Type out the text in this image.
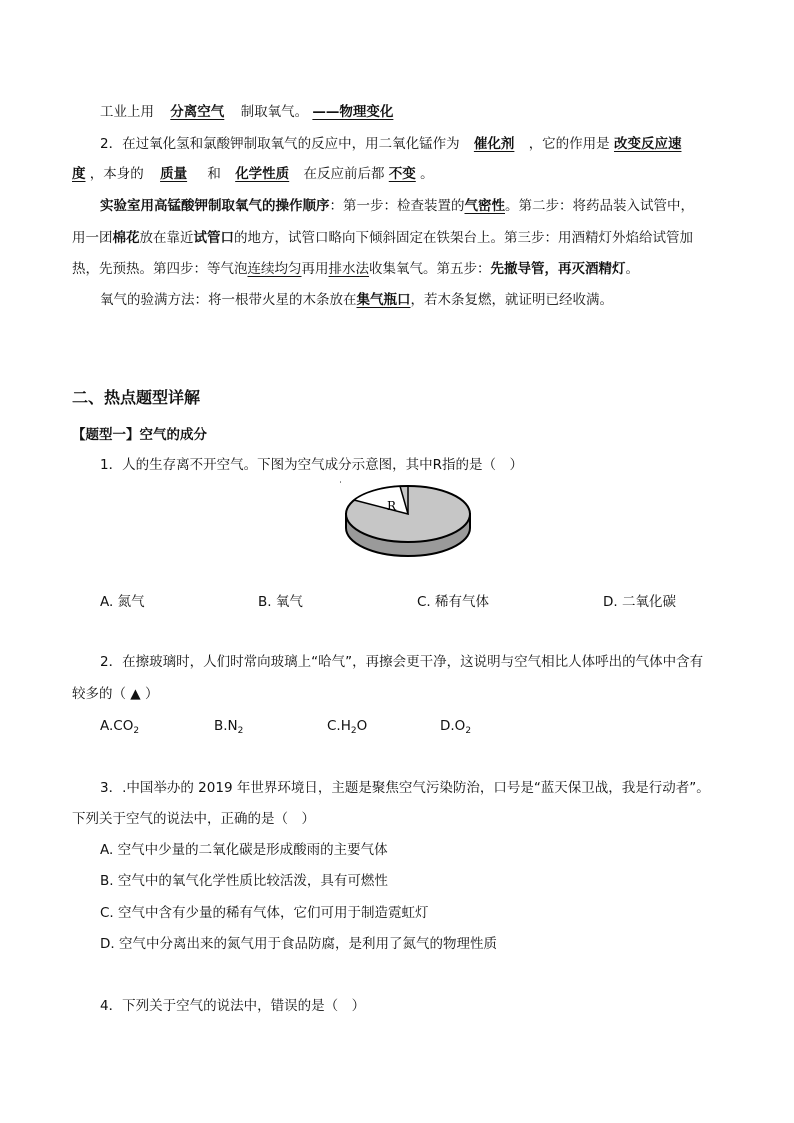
工业上用 分离空气 制取氧气。 ——物理变化
2．在过氧化氢和氯酸钾制取氧气的反应中，用二氧化锰作为 催化剂 ，它的作用是 改变反应速
度 ，本身的 质量 和 化学性质 在反应前后都 不变 。
实验室用高锰酸钾制取氧气的操作顺序：第一步：检查装置的气密性。第二步：将药品装入试管中，
用一团棉花放在靠近试管口的地方，试管口略向下倾斜固定在铁架台上。第三步：用酒精灯外焰给试管加
热，先预热。第四步：等气泡连续均匀再用排水法收集氧气。第五步：先撤导管，再灭酒精灯。
氧气的验满方法：将一根带火星的木条放在集气瓶口，若木条复燃，就证明已经收满。
二、热点题型详解
【题型一】空气的成分
1．人的生存离不开空气。下图为空气成分示意图，其中R指的是（　）
R
A. 氮气	B. 氧气	C. 稀有气体	D. 二氧化碳
2．在擦玻璃时，人们时常向玻璃上“哈气”，再擦会更干净，这说明与空气相比人体呼出的气体中含有
较多的（ ▲ ）
$A.CO_2$	$B.N_2$	$C.H_2O$	$D.O_2$
3．.中国举办的 2019 年世界环境日，主题是聚焦空气污染防治，口号是“蓝天保卫战，我是行动者”。
下列关于空气的说法中，正确的是（　）
A. 空气中少量的二氧化碳是形成酸雨的主要气体
B. 空气中的氧气化学性质比较活泼，具有可燃性
C. 空气中含有少量的稀有气体，它们可用于制造霓虹灯
D. 空气中分离出来的氮气用于食品防腐，是利用了氮气的物理性质
4．下列关于空气的说法中，错误的是（　）
